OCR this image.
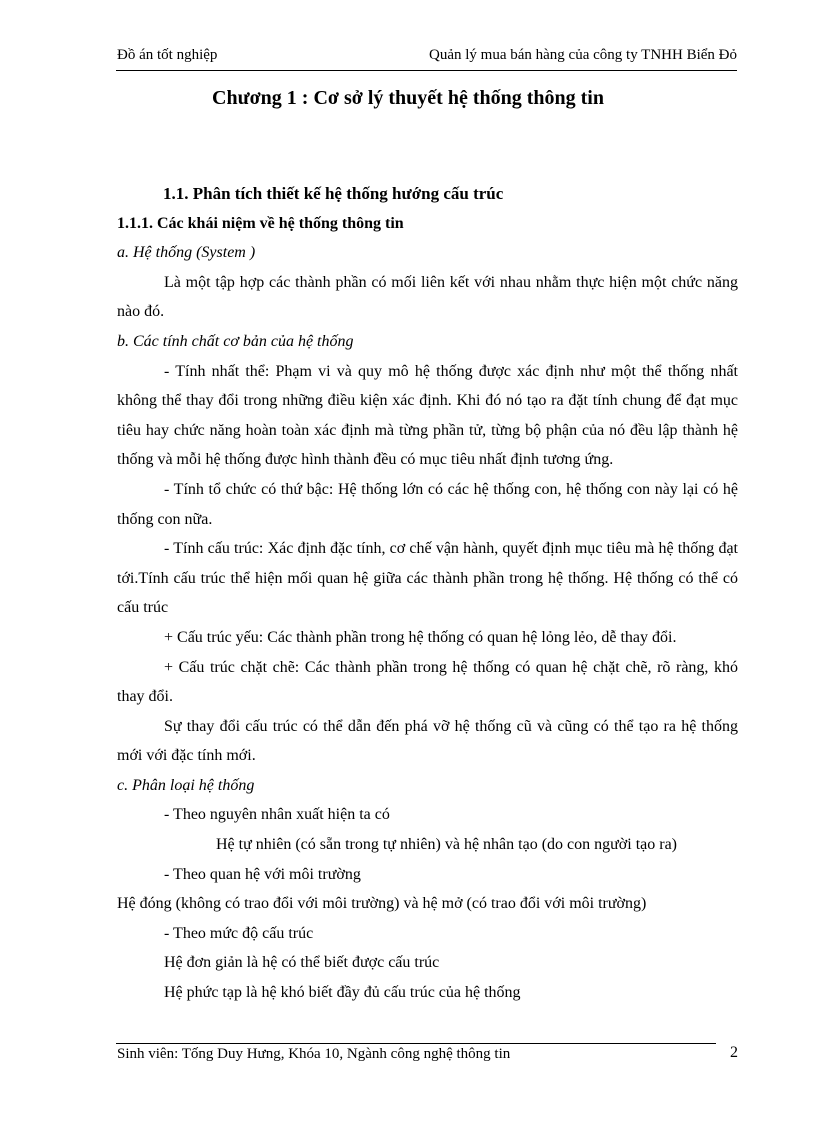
Đồ án tốt nghiệp	Quản lý mua bán hàng của công ty TNHH Biển Đỏ
Chương 1 : Cơ sở lý thuyết hệ thống thông tin

1.1. Phân tích thiết kế hệ thống hướng cấu trúc

1.1.1. Các khái niệm về hệ thống thông tin

a. Hệ thống (System )

Là một tập hợp các thành phần có mối liên kết với nhau nhằm thực hiện một chức năng nào đó.

b. Các tính chất cơ bản của hệ thống

- Tính nhất thể: Phạm vi và quy mô hệ thống được xác định như một thể thống nhất không thể thay đổi trong những điều kiện xác định. Khi đó nó tạo ra đặt tính chung để đạt mục tiêu hay chức năng hoàn toàn xác định mà từng phần tử, từng bộ phận của nó đều lập thành hệ thống và mỗi hệ thống được hình thành đều có mục tiêu nhất định tương ứng.

- Tính tổ chức có thứ bậc: Hệ thống lớn có các hệ thống con, hệ thống con này lại có hệ thống con nữa.

- Tính cấu trúc: Xác định đặc tính, cơ chế vận hành, quyết định mục tiêu mà hệ thống đạt tới.Tính cấu trúc thể hiện mối quan hệ giữa các thành phần trong hệ thống. Hệ thống có thể có cấu trúc

+ Cấu trúc yếu: Các thành phần trong hệ thống có quan hệ lỏng lẻo, dễ thay đổi.

+ Cấu trúc chặt chẽ: Các thành phần trong hệ thống có quan hệ chặt chẽ, rõ ràng, khó thay đổi.

Sự thay đổi cấu trúc có thể dẫn đến phá vỡ hệ thống cũ và cũng có thể tạo ra hệ thống mới với đặc tính mới.

c. Phân loại hệ thống

- Theo nguyên nhân xuất hiện ta có

Hệ tự nhiên (có sẵn trong tự nhiên) và hệ nhân tạo (do con người tạo ra)

- Theo quan hệ với môi trường

Hệ đóng (không có trao đổi với môi trường) và hệ mở (có trao đổi với môi trường)

- Theo mức độ cấu trúc

Hệ đơn giản là hệ có thể biết được cấu trúc

Hệ phức tạp là hệ khó biết đầy đủ cấu trúc của hệ thống

Sinh viên: Tống Duy Hưng, Khóa 10, Ngành công nghệ thông tin	2
